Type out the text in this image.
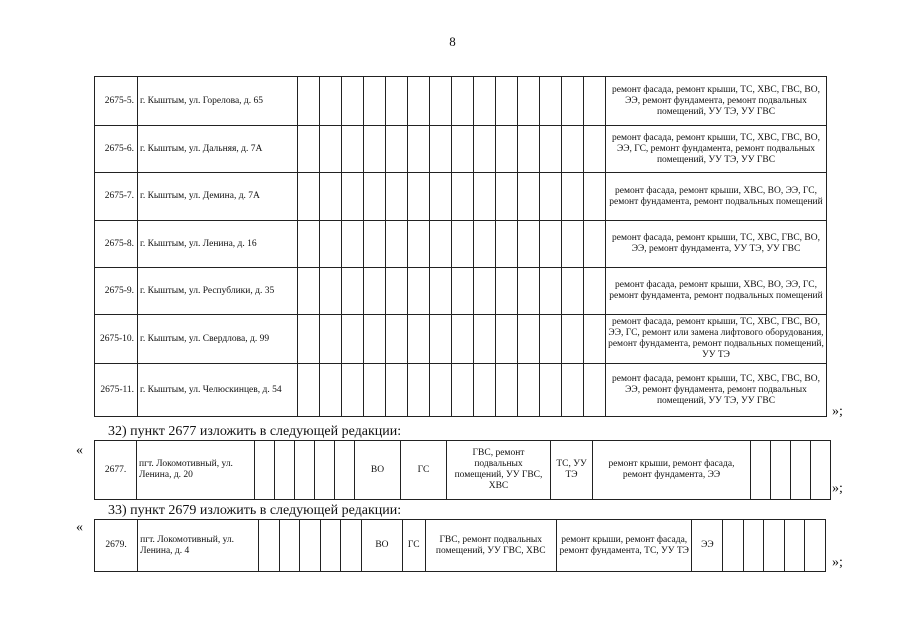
8
2675-5.	г. Кыштым, ул. Горелова, д. 65															ремонт фасада, ремонт крыши, ТС, ХВС, ГВС, ВО, ЭЭ, ремонт фундамента, ремонт подвальных помещений, УУ ТЭ, УУ ГВС
2675-6.	г. Кыштым, ул. Дальняя, д. 7А															ремонт фасада, ремонт крыши, ТС, ХВС, ГВС, ВО, ЭЭ, ГС, ремонт фундамента, ремонт подвальных помещений, УУ ТЭ, УУ ГВС
2675-7.	г. Кыштым, ул. Демина, д. 7А															ремонт фасада, ремонт крыши, ХВС, ВО, ЭЭ, ГС, ремонт фундамента, ремонт подвальных помещений
2675-8.	г. Кыштым, ул. Ленина, д. 16															ремонт фасада, ремонт крыши, ТС, ХВС, ГВС, ВО, ЭЭ, ремонт фундамента, УУ ТЭ, УУ ГВС
2675-9.	г. Кыштым, ул. Республики, д. 35															ремонт фасада, ремонт крыши, ХВС, ВО, ЭЭ, ГС, ремонт фундамента, ремонт подвальных помещений
2675-10.	г. Кыштым, ул. Свердлова, д. 99															ремонт фасада, ремонт крыши, ТС, ХВС, ГВС, ВО, ЭЭ, ГС, ремонт или замена лифтового оборудования, ремонт фундамента, ремонт подвальных помещений, УУ ТЭ
2675-11.	г. Кыштым, ул. Челюскинцев, д. 54															ремонт фасада, ремонт крыши, ТС, ХВС, ГВС, ВО, ЭЭ, ремонт фундамента, ремонт подвальных помещений, УУ ТЭ, УУ ГВС
»;
32) пункт 2677 изложить в следующей редакции:
«
2677.	пгт. Локомотивный, ул. Ленина, д. 20						ВО	ГС	ГВС, ремонт подвальных помещений, УУ ГВС, ХВС	ТС, УУ ТЭ	ремонт крыши, ремонт фасада, ремонт фундамента, ЭЭ				
»;
33) пункт 2679 изложить в следующей редакции:
«
2679.	пгт. Локомотивный, ул. Ленина, д. 4						ВО	ГС	ГВС, ремонт подвальных помещений, УУ ГВС, ХВС	ремонт крыши, ремонт фасада, ремонт фундамента, ТС, УУ ТЭ	ЭЭ					
»;
